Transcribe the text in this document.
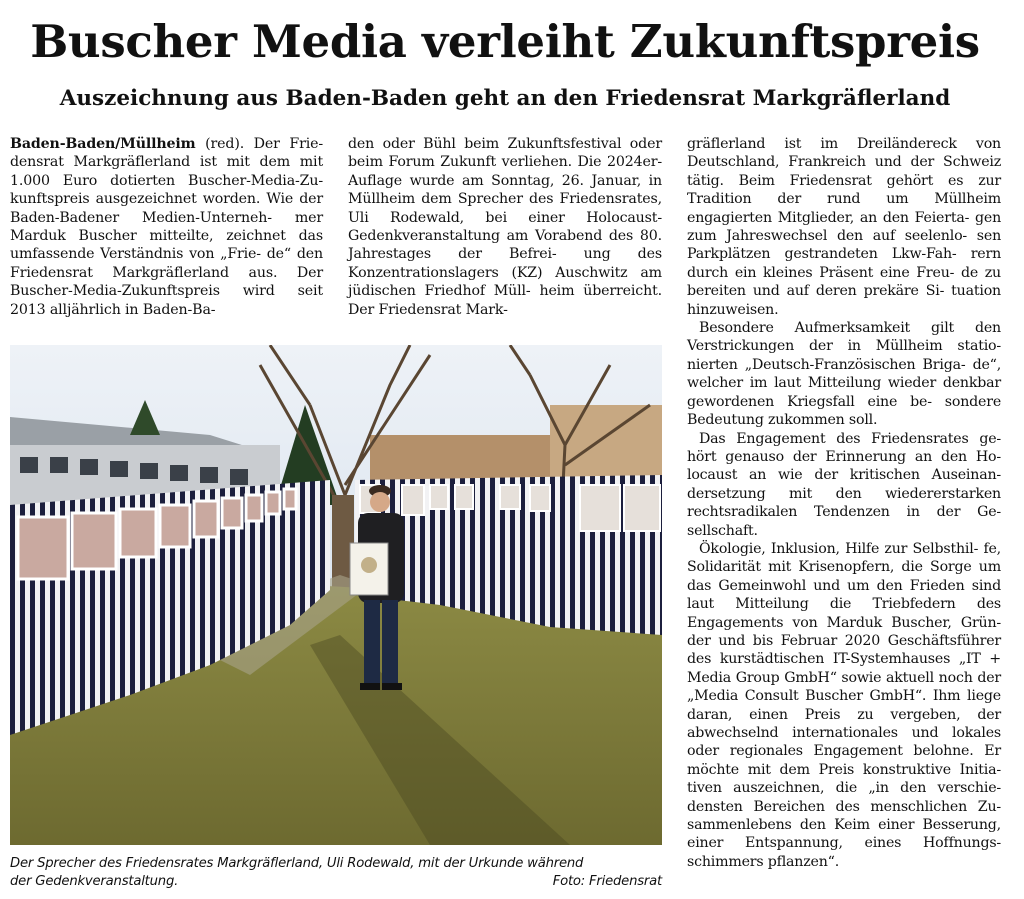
Buscher Media verleiht Zukunftspreis
Auszeichnung aus Baden-Baden geht an den Friedensrat Markgräflerland

Baden-Baden/Müllheim (red). Der Frie- densrat Markgräflerland ist mit dem mit 1.000 Euro dotierten Buscher-Media-Zu- kunftspreis ausgezeichnet worden. Wie der Baden-Badener Medien-Unterneh- mer Marduk Buscher mitteilte, zeichnet das umfassende Verständnis von „Frie- de“ den Friedensrat Markgräflerland aus. Der Buscher-Media-Zukunftspreis wird seit 2013 alljährlich in Baden-Ba-

den oder Bühl beim Zukunftsfestival oder beim Forum Zukunft verliehen. Die 2024er-Auflage wurde am Sonntag, 26. Januar, in Müllheim dem Sprecher des Friedensrates, Uli Rodewald, bei einer Holocaust-Gedenkveranstaltung am Vorabend des 80. Jahrestages der Befrei- ung des Konzentrationslagers (KZ) Auschwitz am jüdischen Friedhof Müll- heim überreicht. Der Friedensrat Mark-

gräflerland ist im Dreiländereck von Deutschland, Frankreich und der Schweiz tätig. Beim Friedensrat gehört es zur Tradition der rund um Müllheim engagierten Mitglieder, an den Feierta- gen zum Jahreswechsel den auf seelenlo- sen Parkplätzen gestrandeten Lkw-Fah- rern durch ein kleines Präsent eine Freu- de zu bereiten und auf deren prekäre Si- tuation hinzuweisen.

Besondere Aufmerksamkeit gilt den Verstrickungen der in Müllheim statio- nierten „Deutsch-Französischen Briga- de“, welcher im laut Mitteilung wieder denkbar gewordenen Kriegsfall eine be- sondere Bedeutung zukommen soll.

Das Engagement des Friedensrates ge- hört genauso der Erinnerung an den Ho- locaust an wie der kritischen Auseinan- dersetzung mit den wiedererstarken rechtsradikalen Tendenzen in der Ge- sellschaft.

Ökologie, Inklusion, Hilfe zur Selbsthil- fe, Solidarität mit Krisenopfern, die Sorge um das Gemeinwohl und um den Frieden sind laut Mitteilung die Triebfedern des Engagements von Marduk Buscher, Grün- der und bis Februar 2020 Geschäftsführer des kurstädtischen IT-Systemhauses „IT + Media Group GmbH“ sowie aktuell noch der „Media Consult Buscher GmbH“. Ihm liege daran, einen Preis zu vergeben, der abwechselnd internationales und lokales oder regionales Engagement belohne. Er möchte mit dem Preis konstruktive Initia- tiven auszeichnen, die „in den verschie- densten Bereichen des menschlichen Zu- sammenlebens den Keim einer Besserung, einer Entspannung, eines Hoffnungs- schimmers pflanzen“.

Der Sprecher des Friedensrates Markgräflerland, Uli Rodewald, mit der Urkunde während
der Gedenkveranstaltung.	Foto: Friedensrat
